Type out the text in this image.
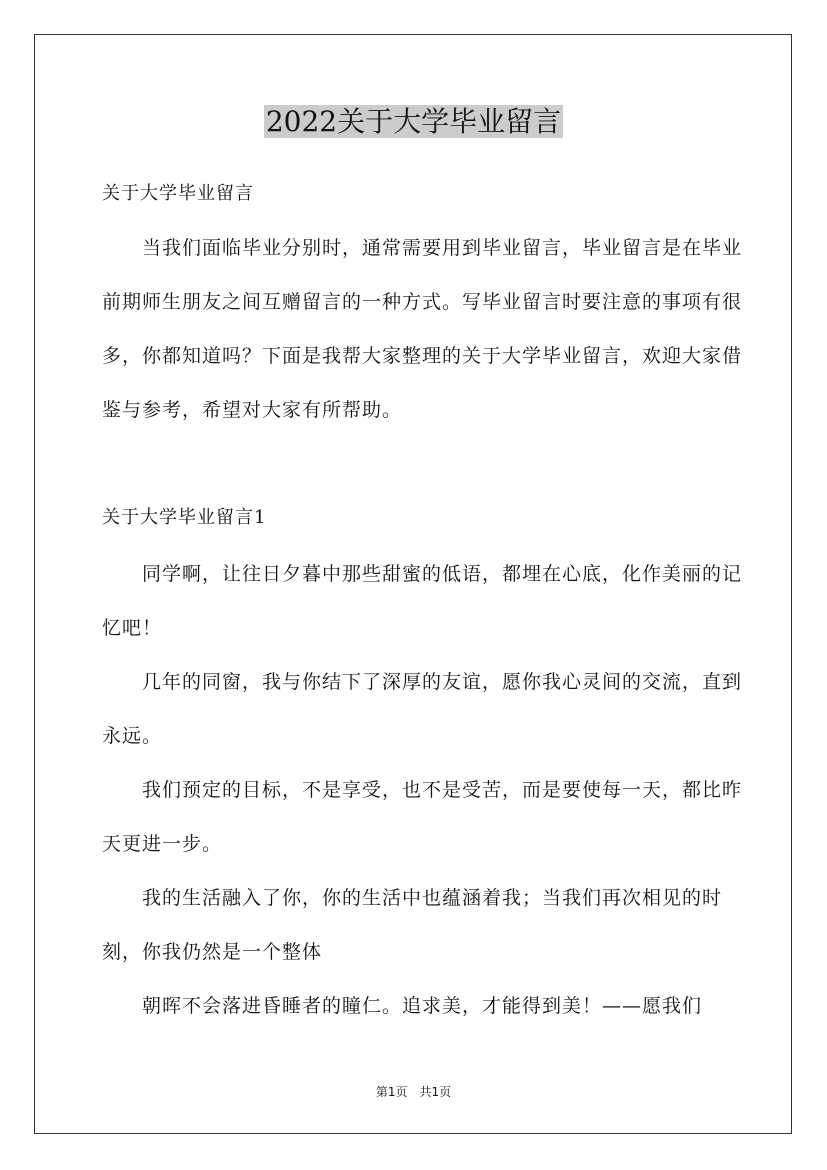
2022关于大学毕业留言
关于大学毕业留言
当我们面临毕业分别时，通常需要用到毕业留言，毕业留言是在毕业前期师生朋友之间互赠留言的一种方式。写毕业留言时要注意的事项有很多，你都知道吗？下面是我帮大家整理的关于大学毕业留言，欢迎大家借鉴与参考，希望对大家有所帮助。
关于大学毕业留言1
同学啊，让往日夕暮中那些甜蜜的低语，都埋在心底，化作美丽的记忆吧！
几年的同窗，我与你结下了深厚的友谊，愿你我心灵间的交流，直到永远。
我们预定的目标，不是享受，也不是受苦，而是要使每一天，都比昨天更进一步。
我的生活融入了你，你的生活中也蕴涵着我；当我们再次相见的时刻，你我仍然是一个整体
朝晖不会落进昏睡者的瞳仁。追求美，才能得到美！——愿我们
第1页 共1页
